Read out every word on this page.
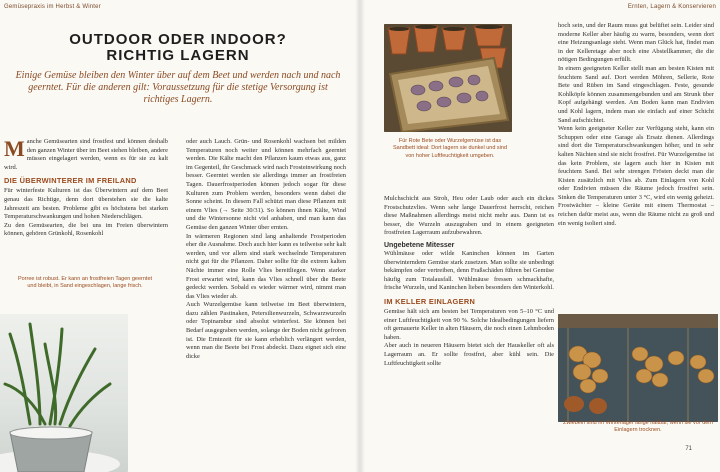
Gemüsepraxis im Herbst & Winter
OUTDOOR ODER INDOOR?
RICHTIG LAGERN
Einige Gemüse bleiben den Winter über auf dem Beet und werden nach und nach geerntet. Für die anderen gilt: Voraussetzung für die stetige Versorgung ist richtiges Lagern.

Manche Gemüsearten sind frostfest und können deshalb den ganzen Winter über im Beet stehen bleiben, andere müssen eingelagert werden, wenn es für sie zu kalt wird.

DIE ÜBERWINTERER IM FREILAND

Für winterfeste Kulturen ist das Überwintern auf dem Beet genau das Richtige, denn dort überstehen sie die kalte Jahreszeit am besten. Probleme gibt es höchstens bei starken Temperaturschwankungen und hohen Niederschlägen.

Zu den Gemüsearten, die bei uns im Freien überwintern können, gehören Grünkohl, Rosenkohl

Porree ist robust. Er kann an frostfreien Tagen geerntet und bleibt, in Sand eingeschlagen, lange frisch.

oder auch Lauch. Grün- und Rosenkohl wachsen bei milden Temperaturen noch weiter und können mehrfach geerntet werden. Die Kälte macht den Pflanzen kaum etwas aus, ganz im Gegenteil, ihr Geschmack wird nach Frosteinwirkung noch besser. Geerntet werden sie allerdings immer an frostfreien Tagen. Dauerfrostperioden können jedoch sogar für diese Kulturen zum Problem werden, besonders wenn dabei die Sonne scheint. In diesem Fall schützt man diese Pflanzen mit einem Vlies (→ Seite 30/31). So können ihnen Kälte, Wind und die Wintersonne nicht viel anhaben, und man kann das Gemüse den ganzen Winter über ernten.

In wärmeren Regionen sind lang anhaltende Frostperioden eher die Ausnahme. Doch auch hier kann es teilweise sehr kalt werden, und vor allem sind stark wechselnde Temperaturen nicht gut für die Pflanzen. Daher sollte für die extrem kalten Nächte immer eine Rolle Vlies bereitliegen. Wenn starker Frost erwartet wird, kann das Vlies schnell über die Beete gedeckt werden. Sobald es wieder wärmer wird, nimmt man das Vlies wieder ab.

Auch Wurzelgemüse kann teilweise im Beet überwintern, dazu zählen Pastinaken, Petersilienwurzeln, Schwarzwurzeln oder Topinambur sind absolut winterfest. Sie können bei Bedarf ausgegraben werden, solange der Boden nicht gefroren ist. Die Erntezeit für sie kann erheblich verlängert werden, wenn man die Beete bei Frost abdeckt. Dazu eignet sich eine dicke

Ernten, Lagern & Konservieren
Für Rote Bete oder Wurzelgemüse ist das Sandbett ideal: Dort lagern sie dunkel und sind von hoher Luftfeuchtigkeit umgeben.

Mulchschicht aus Stroh, Heu oder Laub oder auch ein dickes Frostschutzvlies. Wenn sehr lange Dauerfrost herrscht, reichen diese Maßnahmen allerdings meist nicht mehr aus. Dann ist es besser, die Wurzeln auszugraben und in einem geeigneten frostfreien Lagerraum aufzubewahren.

Ungebetene Mitesser

Wühlmäuse oder wilde Kaninchen können im Garten überwinterndem Gemüse stark zusetzen. Man sollte sie unbedingt bekämpfen oder vertreiben, denn Fraßschäden führen bei Gemüse häufig zum Totalausfall. Wühlmäuse fressen schmackhafte, frische Wurzeln, und Kaninchen lieben besonders den Winterkohl.

IM KELLER EINLAGERN

Gemüse hält sich am besten bei Temperaturen von 5–10 °C und einer Luftfeuchtigkeit von 90 %. Solche Idealbedingungen liefern oft gemauerte Keller in alten Häusern, die noch einen Lehmboden haben.

Aber auch in neueren Häusern bietet sich der Hauskeller oft als Lagerraum an. Er sollte frostfrei, aber kühl sein. Die Luftfeuchtigkeit sollte

hoch sein, und der Raum muss gut belüftet sein. Leider sind moderne Keller aber häufig zu warm, besonders, wenn dort eine Heizungsanlage steht. Wenn man Glück hat, findet man in der Kelleretage aber noch eine Abstellkammer, die die nötigen Bedingungen erfüllt.

In einem geeigneten Keller stellt man am besten Kisten mit feuchtem Sand auf. Dort werden Möhren, Sellerie, Rote Bete und Rüben im Sand eingeschlagen. Feste, gesunde Kohlköpfe können zusammengebunden und am Strunk über Kopf aufgehängt werden. Am Boden kann man Endivien und Kohl lagern, indem man sie einfach auf einer Schicht Sand aufschichtet.

Wenn kein geeigneter Keller zur Verfügung steht, kann ein Schuppen oder eine Garage als Ersatz dienen. Allerdings sind dort die Temperaturschwankungen höher, und in sehr kalten Nächten sind sie nicht frostfrei. Für Wurzelgemüse ist das kein Problem, sie lagern auch hier in Kisten mit feuchtem Sand. Bei sehr strengen Frösten deckt man die Kisten zusätzlich mit Vlies ab. Zum Einlagern von Kohl oder Endivien müssen die Räume jedoch frostfrei sein. Sinken die Temperaturen unter 3 °C, wird ein wenig geheizt. Frostwächter – kleine Geräte mit einem Thermostat – reichen dafür meist aus, wenn die Räume nicht zu groß und ein wenig isoliert sind.

Zwiebeln sind im Winterlager lange haltbar, wenn sie vor dem Einlagern trocknen.
71
